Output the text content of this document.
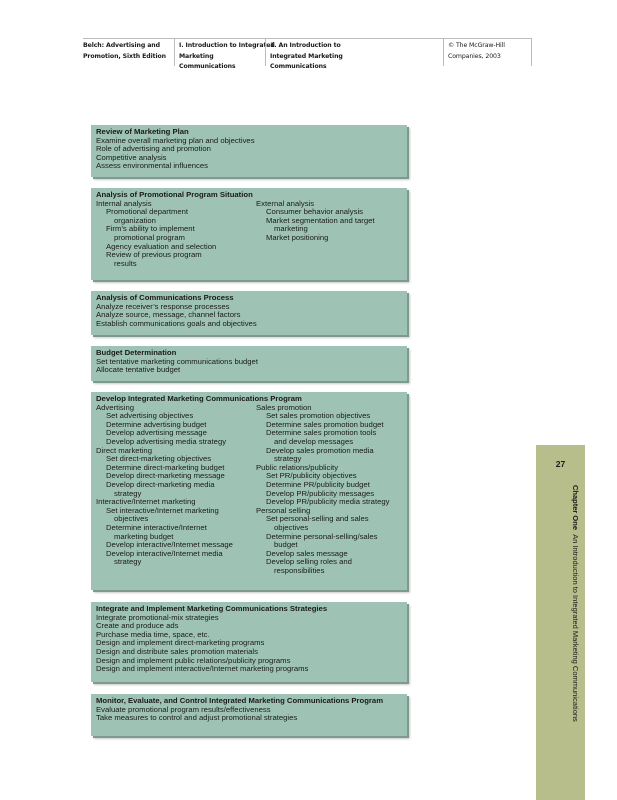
Belch: Advertising and
Promotion, Sixth Edition
I. Introduction to Integrated
Marketing
Communications
1. An Introduction to
Integrated Marketing
Communications
© The McGraw-Hill
Companies, 2003
Review of Marketing Plan
Examine overall marketing plan and objectives
Role of advertising and promotion
Competitive analysis
Assess environmental influences
Analysis of Promotional Program Situation
Internal analysis
Promotional department
organization
Firm’s ability to implement
promotional program
Agency evaluation and selection
Review of previous program
results
External analysis
Consumer behavior analysis
Market segmentation and target
marketing
Market positioning
Analysis of Communications Process
Analyze receiver’s response processes
Analyze source, message, channel factors
Establish communications goals and objectives
Budget Determination
Set tentative marketing communications budget
Allocate tentative budget
Develop Integrated Marketing Communications Program
Advertising
Set advertising objectives
Determine advertising budget
Develop advertising message
Develop advertising media strategy
Direct marketing
Set direct-marketing objectives
Determine direct-marketing budget
Develop direct-marketing message
Develop direct-marketing media
strategy
Interactive/Internet marketing
Set interactive/Internet marketing
objectives
Determine interactive/Internet
marketing budget
Develop interactive/Internet message
Develop interactive/Internet media
strategy
Sales promotion
Set sales promotion objectives
Determine sales promotion budget
Determine sales promotion tools
and develop messages
Develop sales promotion media
strategy
Public relations/publicity
Set PR/publicity objectives
Determine PR/publicity budget
Develop PR/publicity messages
Develop PR/publicity media strategy
Personal selling
Set personal-selling and sales
objectives
Determine personal-selling/sales
budget
Develop sales message
Develop selling roles and
responsibilities
Integrate and Implement Marketing Communications Strategies
Integrate promotional-mix strategies
Create and produce ads
Purchase media time, space, etc.
Design and implement direct-marketing programs
Design and distribute sales promotion materials
Design and implement public relations/publicity programs
Design and implement interactive/Internet marketing programs
Monitor, Evaluate, and Control Integrated Marketing Communications Program
Evaluate promotional program results/effectiveness
Take measures to control and adjust promotional strategies
27
Chapter One  An Introduction to Integrated Marketing Communications
